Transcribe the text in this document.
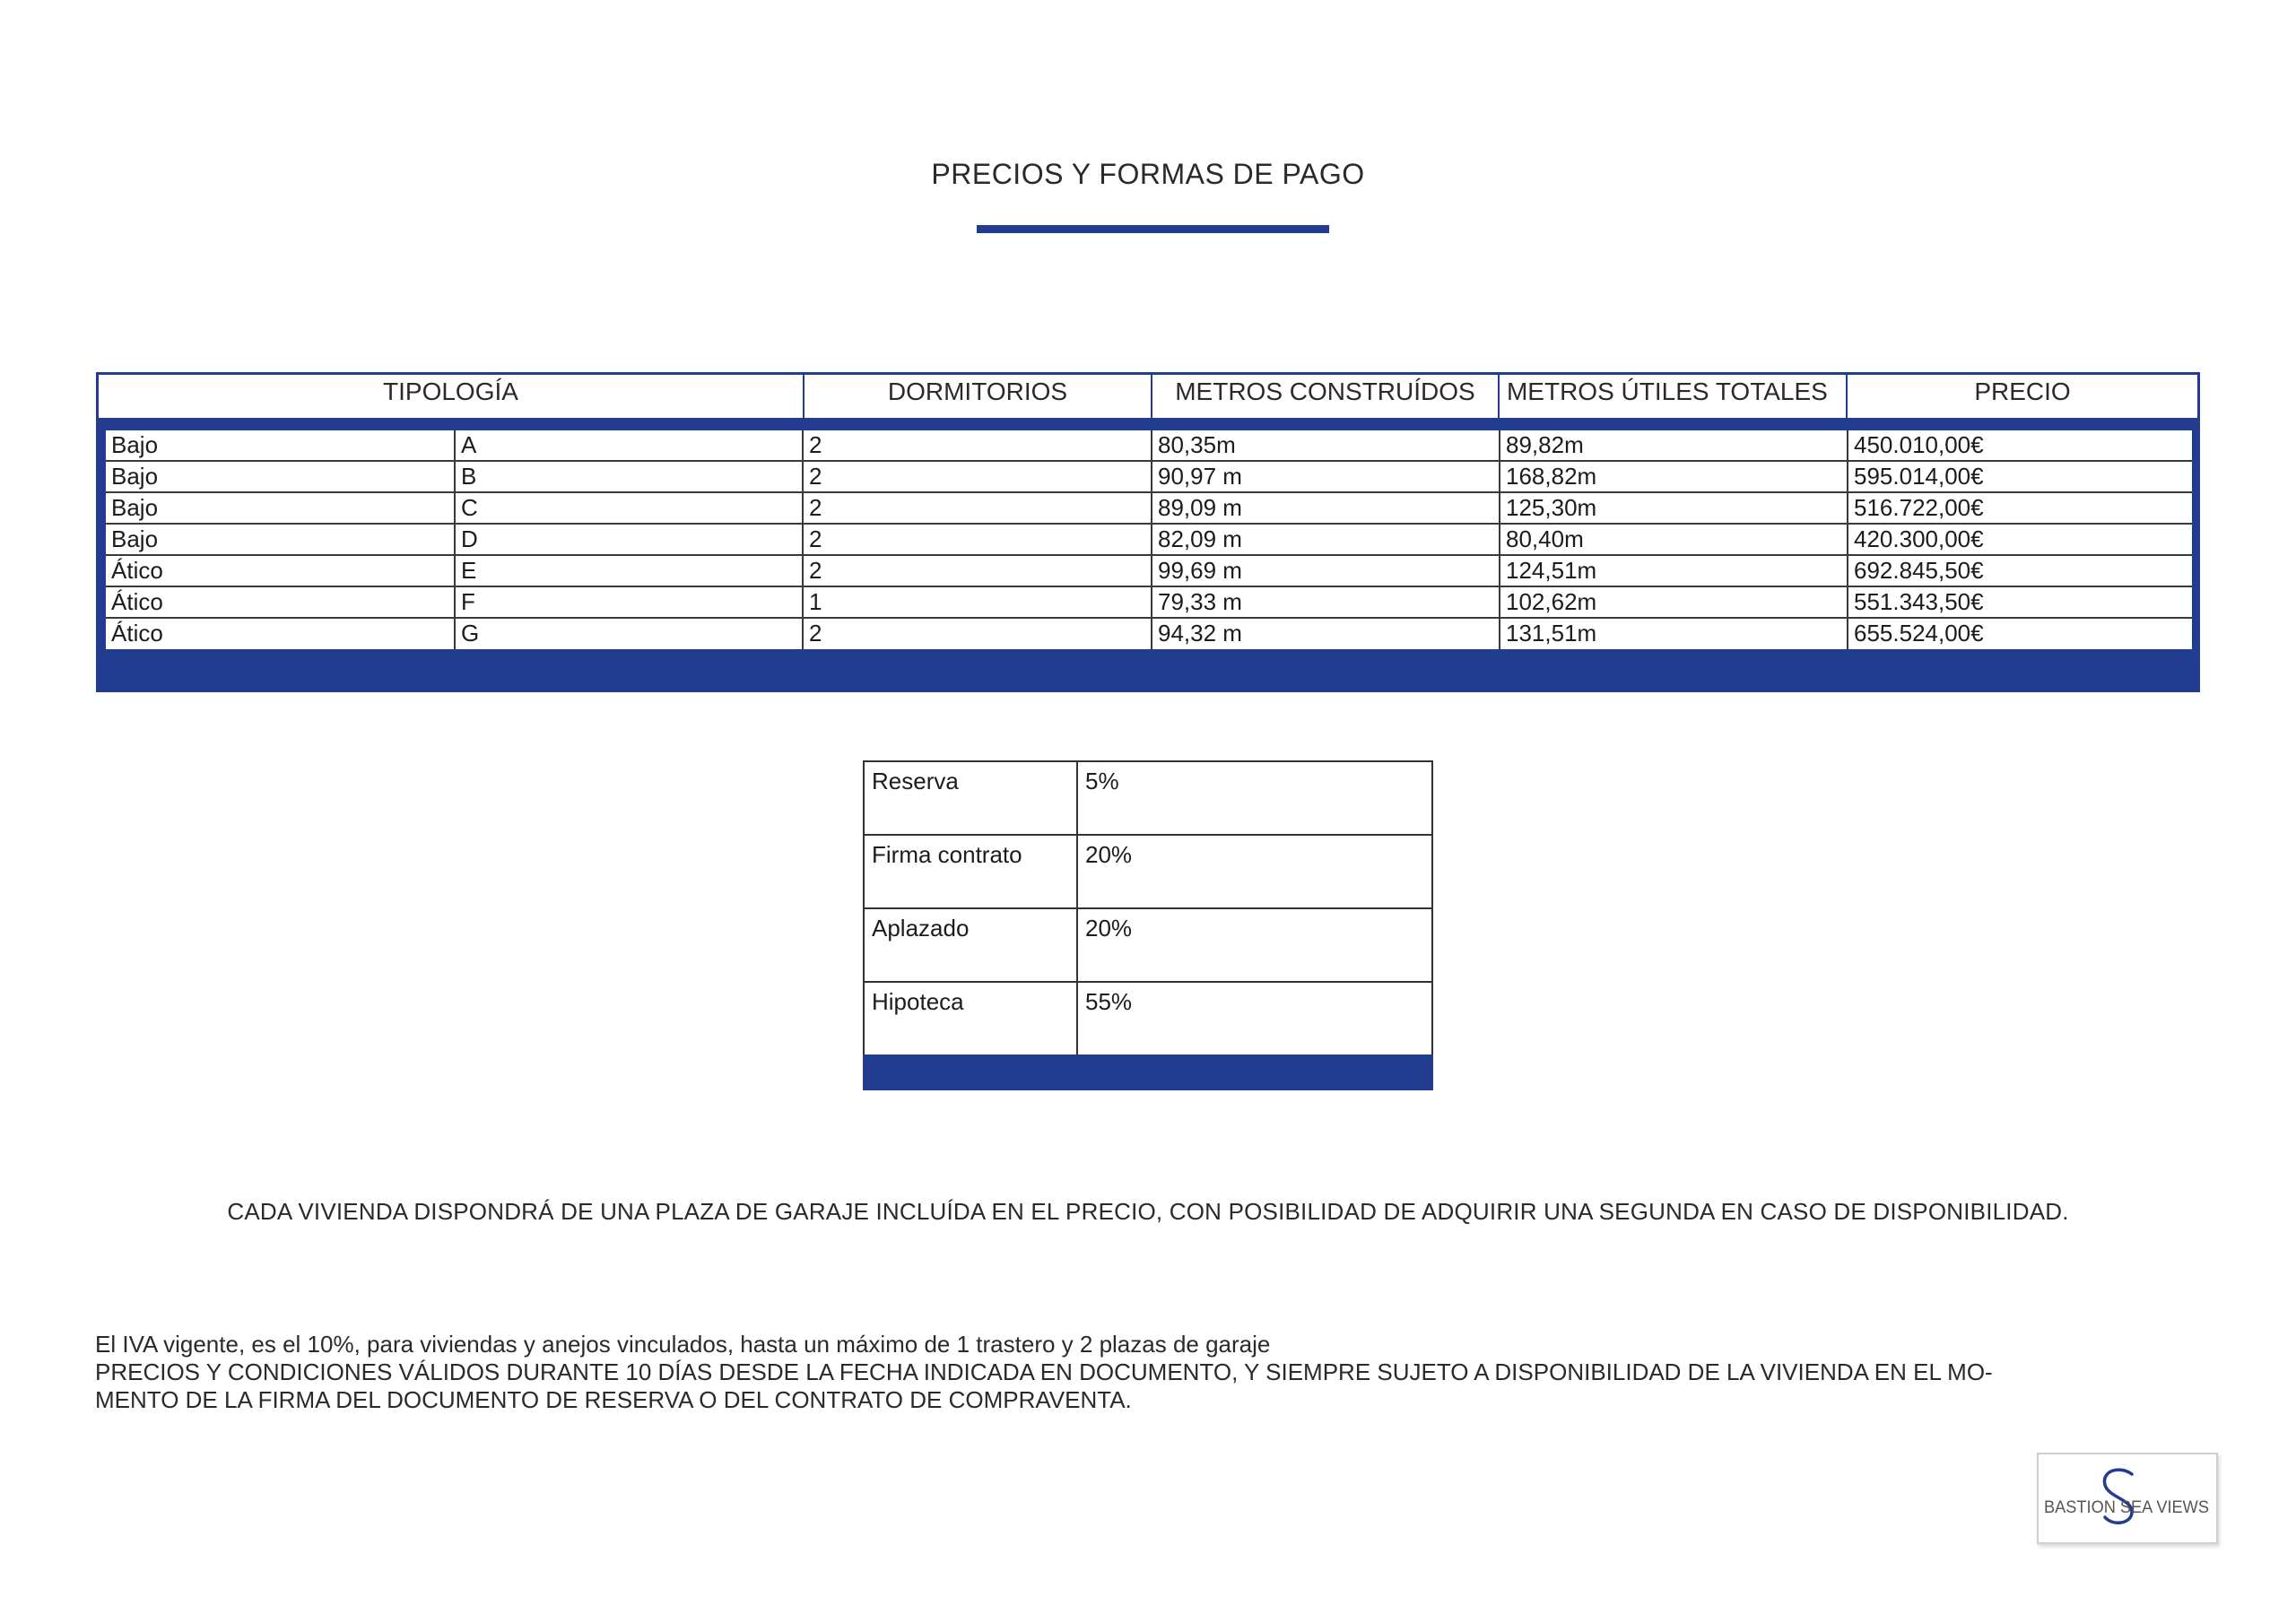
PRECIOS Y FORMAS DE PAGO
TIPOLOGÍA	DORMITORIOS	METROS CONSTRUÍDOS	METROS ÚTILES TOTALES	PRECIO
Bajo	A	2	80,35m	89,82m	450.010,00€
Bajo	B	2	90,97 m	168,82m	595.014,00€
Bajo	C	2	89,09 m	125,30m	516.722,00€
Bajo	D	2	82,09 m	80,40m	420.300,00€
Ático	E	2	99,69 m	124,51m	692.845,50€
Ático	F	1	79,33 m	102,62m	551.343,50€
Ático	G	2	94,32 m	131,51m	655.524,00€
Reserva	5%
Firma contrato	20%
Aplazado	20%
Hipoteca	55%
CADA VIVIENDA DISPONDRÁ DE UNA PLAZA DE GARAJE INCLUÍDA EN EL PRECIO, CON POSIBILIDAD DE ADQUIRIR UNA SEGUNDA EN CASO DE DISPONIBILIDAD.

El IVA vigente, es el 10%, para viviendas y anejos vinculados, hasta un máximo de 1 trastero y 2 plazas de garaje

PRECIOS Y CONDICIONES VÁLIDOS DURANTE 10 DÍAS DESDE LA FECHA INDICADA EN DOCUMENTO, Y SIEMPRE SUJETO A DISPONIBILIDAD DE LA VIVIENDA EN EL MO-

MENTO DE LA FIRMA DEL DOCUMENTO DE RESERVA O DEL CONTRATO DE COMPRAVENTA.

BASTION SEA VIEWS
